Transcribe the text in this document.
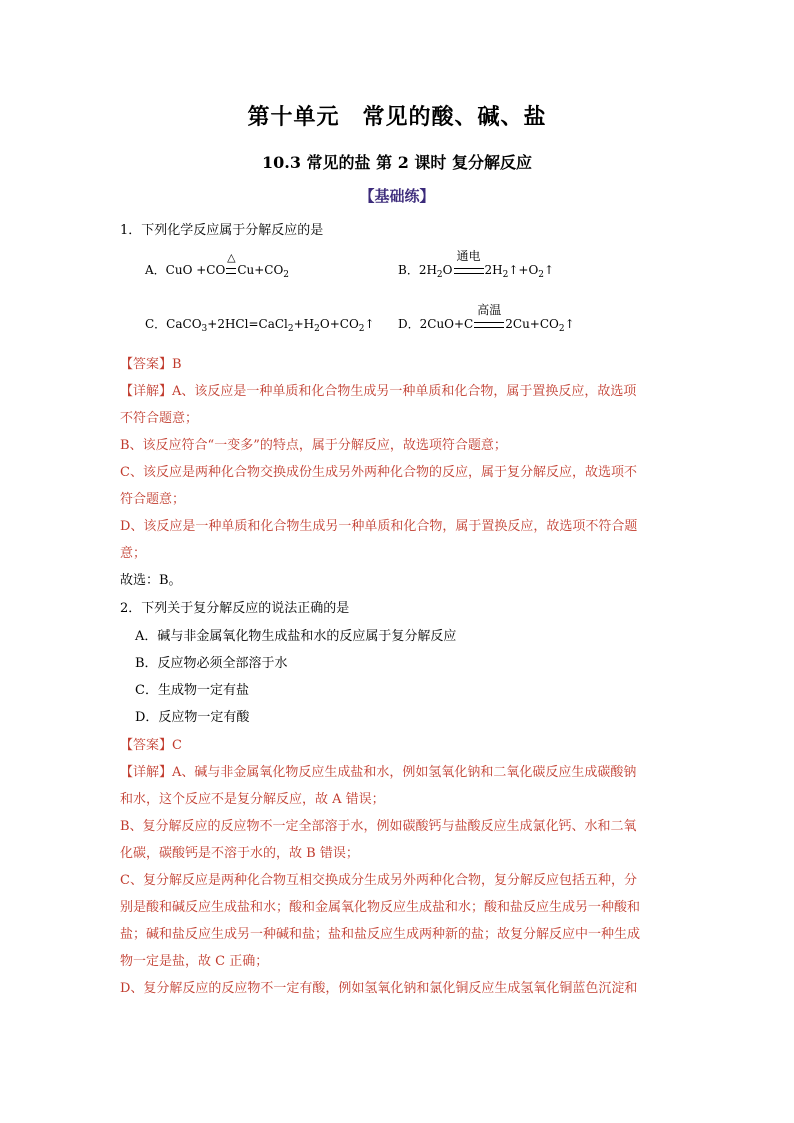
第十单元　常见的酸、碱、盐
10.3 常见的盐 第 2 课时 复分解反应
【基础练】
1．下列化学反应属于分解反应的是
A．CuO +CO
△
$Cu+CO_2$	B．$2H_2O$
通电
$2H_2↑+O_2↑$
C．$CaCO_3+2HCl=CaCl_2+H_2O+CO_2↑$ D．2CuO+C
高温
$2Cu+CO_2↑$
【答案】B
【详解】A、该反应是一种单质和化合物生成另一种单质和化合物，属于置换反应，故选项
不符合题意；
B、该反应符合“一变多”的特点，属于分解反应，故选项符合题意；
C、该反应是两种化合物交换成份生成另外两种化合物的反应，属于复分解反应，故选项不
符合题意；
D、该反应是一种单质和化合物生成另一种单质和化合物，属于置换反应，故选项不符合题
意；
故选：B。
2．下列关于复分解反应的说法正确的是
A．碱与非金属氧化物生成盐和水的反应属于复分解反应
B．反应物必须全部溶于水
C．生成物一定有盐
D．反应物一定有酸
【答案】C
【详解】A、碱与非金属氧化物反应生成盐和水，例如氢氧化钠和二氧化碳反应生成碳酸钠
和水，这个反应不是复分解反应，故 A 错误；
B、复分解反应的反应物不一定全部溶于水，例如碳酸钙与盐酸反应生成氯化钙、水和二氧
化碳，碳酸钙是不溶于水的，故 B 错误；
C、复分解反应是两种化合物互相交换成分生成另外两种化合物，复分解反应包括五种，分
别是酸和碱反应生成盐和水；酸和金属氧化物反应生成盐和水；酸和盐反应生成另一种酸和
盐；碱和盐反应生成另一种碱和盐；盐和盐反应生成两种新的盐；故复分解反应中一种生成
物一定是盐，故 C 正确；
D、复分解反应的反应物不一定有酸，例如氢氧化钠和氯化铜反应生成氢氧化铜蓝色沉淀和
